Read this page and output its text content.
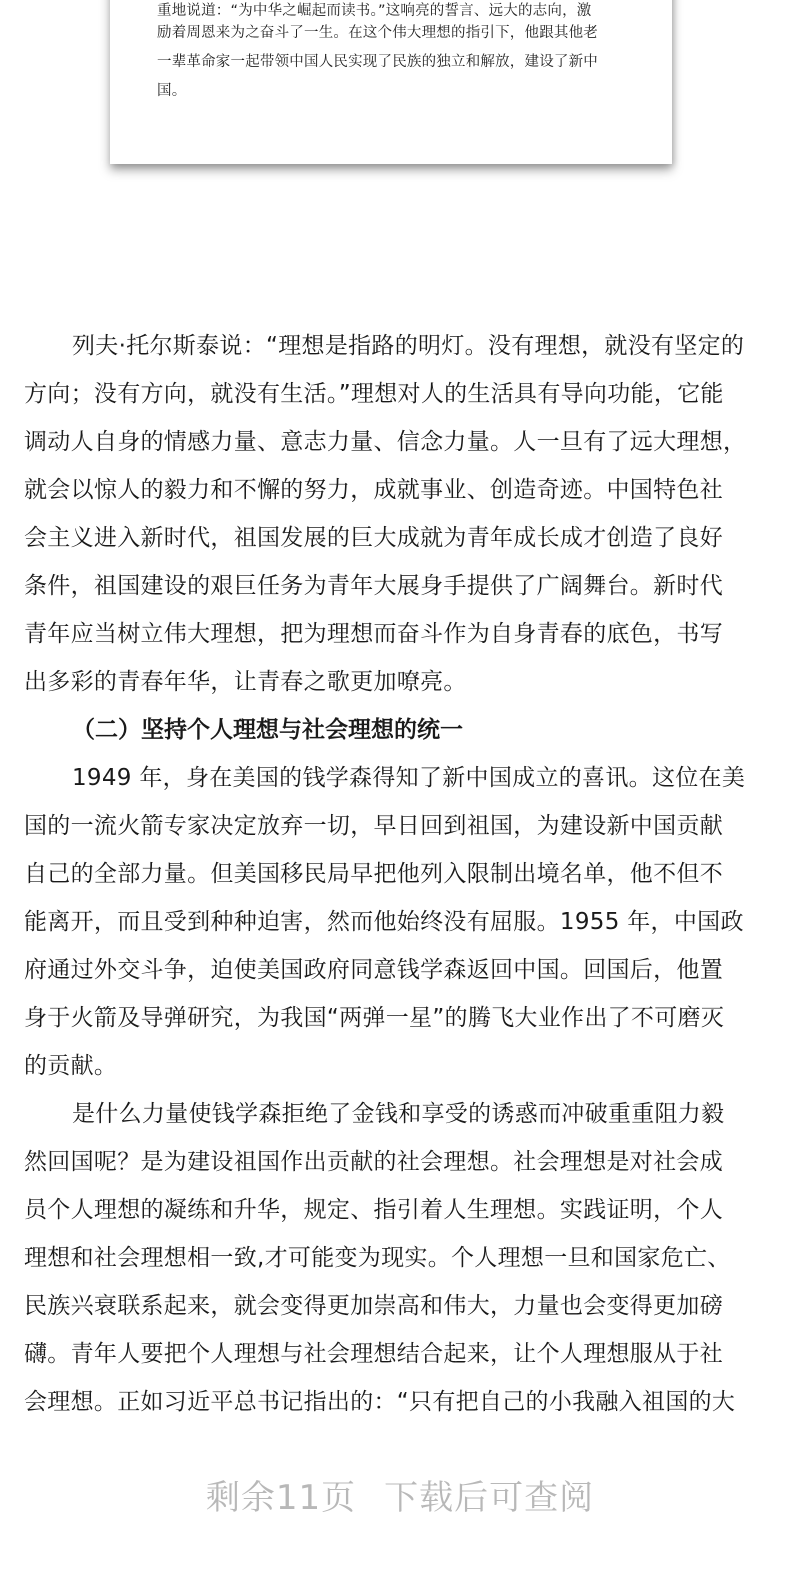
重地说道：“为中华之崛起而读书。”这响亮的誓言、远大的志向，激
励着周恩来为之奋斗了一生。在这个伟大理想的指引下，他跟其他老
一辈革命家一起带领中国人民实现了民族的独立和解放，建设了新中
国。
列夫·托尔斯泰说：“理想是指路的明灯。没有理想，就没有坚定的
方向；没有方向，就没有生活。”理想对人的生活具有导向功能，它能
调动人自身的情感力量、意志力量、信念力量。人一旦有了远大理想，
就会以惊人的毅力和不懈的努力，成就事业、创造奇迹。中国特色社
会主义进入新时代，祖国发展的巨大成就为青年成长成才创造了良好
条件，祖国建设的艰巨任务为青年大展身手提供了广阔舞台。新时代
青年应当树立伟大理想，把为理想而奋斗作为自身青春的底色，书写
出多彩的青春年华，让青春之歌更加嘹亮。
（二）坚持个人理想与社会理想的统一
1949 年，身在美国的钱学森得知了新中国成立的喜讯。这位在美
国的一流火箭专家决定放弃一切，早日回到祖国，为建设新中国贡献
自己的全部力量。但美国移民局早把他列入限制出境名单，他不但不
能离开，而且受到种种迫害，然而他始终没有屈服。1955 年，中国政
府通过外交斗争，迫使美国政府同意钱学森返回中国。回国后，他置
身于火箭及导弹研究，为我国“两弹一星”的腾飞大业作出了不可磨灭
的贡献。
是什么力量使钱学森拒绝了金钱和享受的诱惑而冲破重重阻力毅
然回国呢？是为建设祖国作出贡献的社会理想。社会理想是对社会成
员个人理想的凝练和升华，规定、指引着人生理想。实践证明，个人
理想和社会理想相一致,才可能变为现实。个人理想一旦和国家危亡、
民族兴衰联系起来，就会变得更加崇高和伟大，力量也会变得更加磅
礴。青年人要把个人理想与社会理想结合起来，让个人理想服从于社
会理想。正如习近平总书记指出的：“只有把自己的小我融入祖国的大
剩余11页 下载后可查阅
